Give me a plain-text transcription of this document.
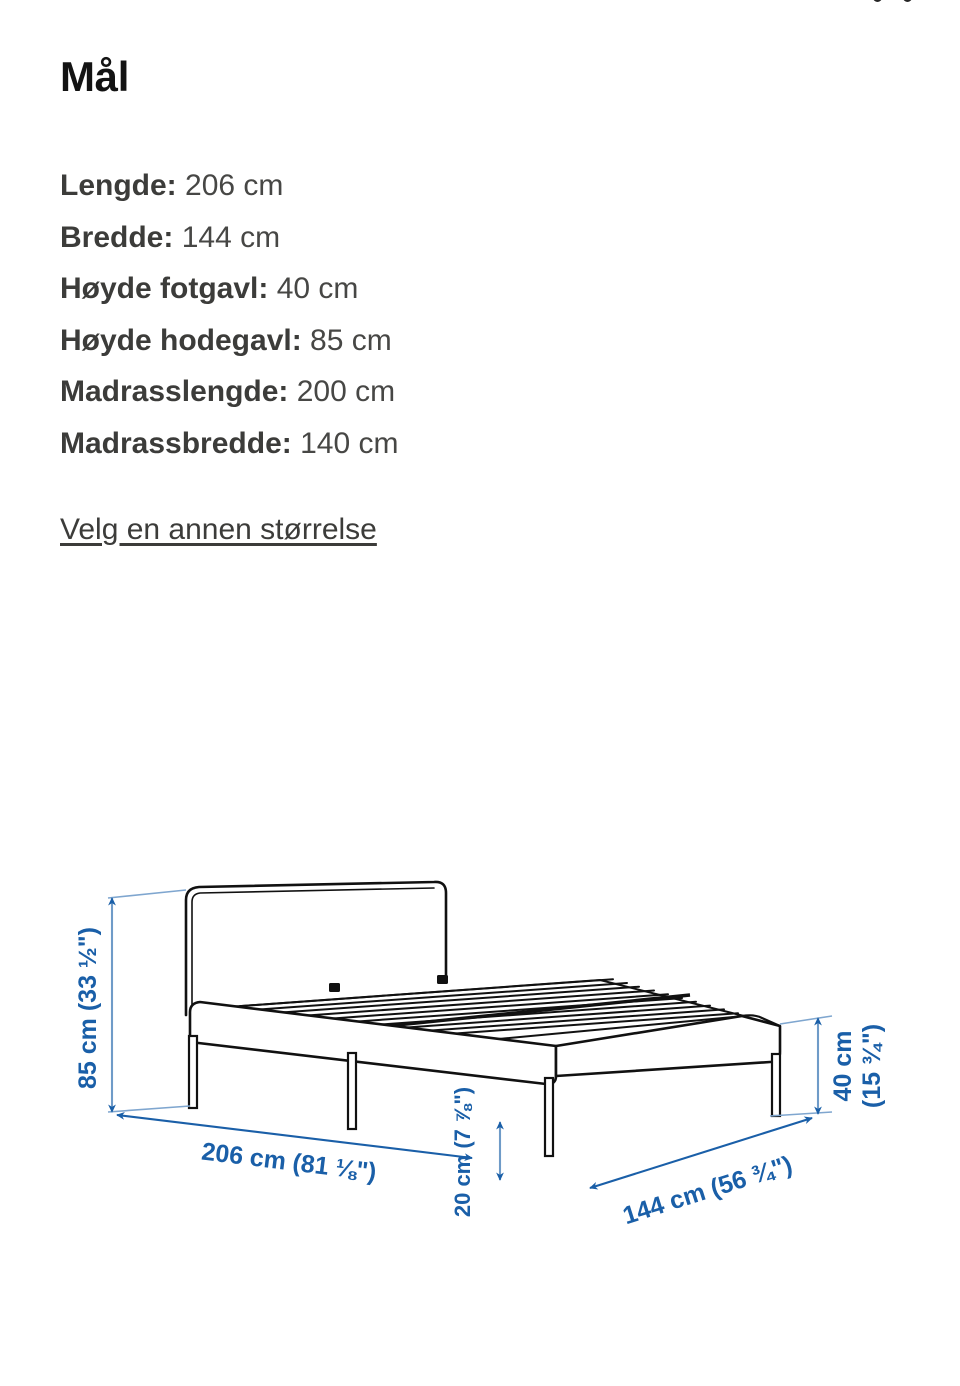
Mål
Lengde: 206 cm
Bredde: 144 cm
Høyde fotgavl: 40 cm
Høyde hodegavl: 85 cm
Madrasslengde: 200 cm
Madrassbredde: 140 cm
Velg en annen størrelse
85 cm (33 ½")
206 cm (81 ⅛")	20 cm (7 ⅞")	144 cm (56 ¾")
40 cm (15 ¾")
